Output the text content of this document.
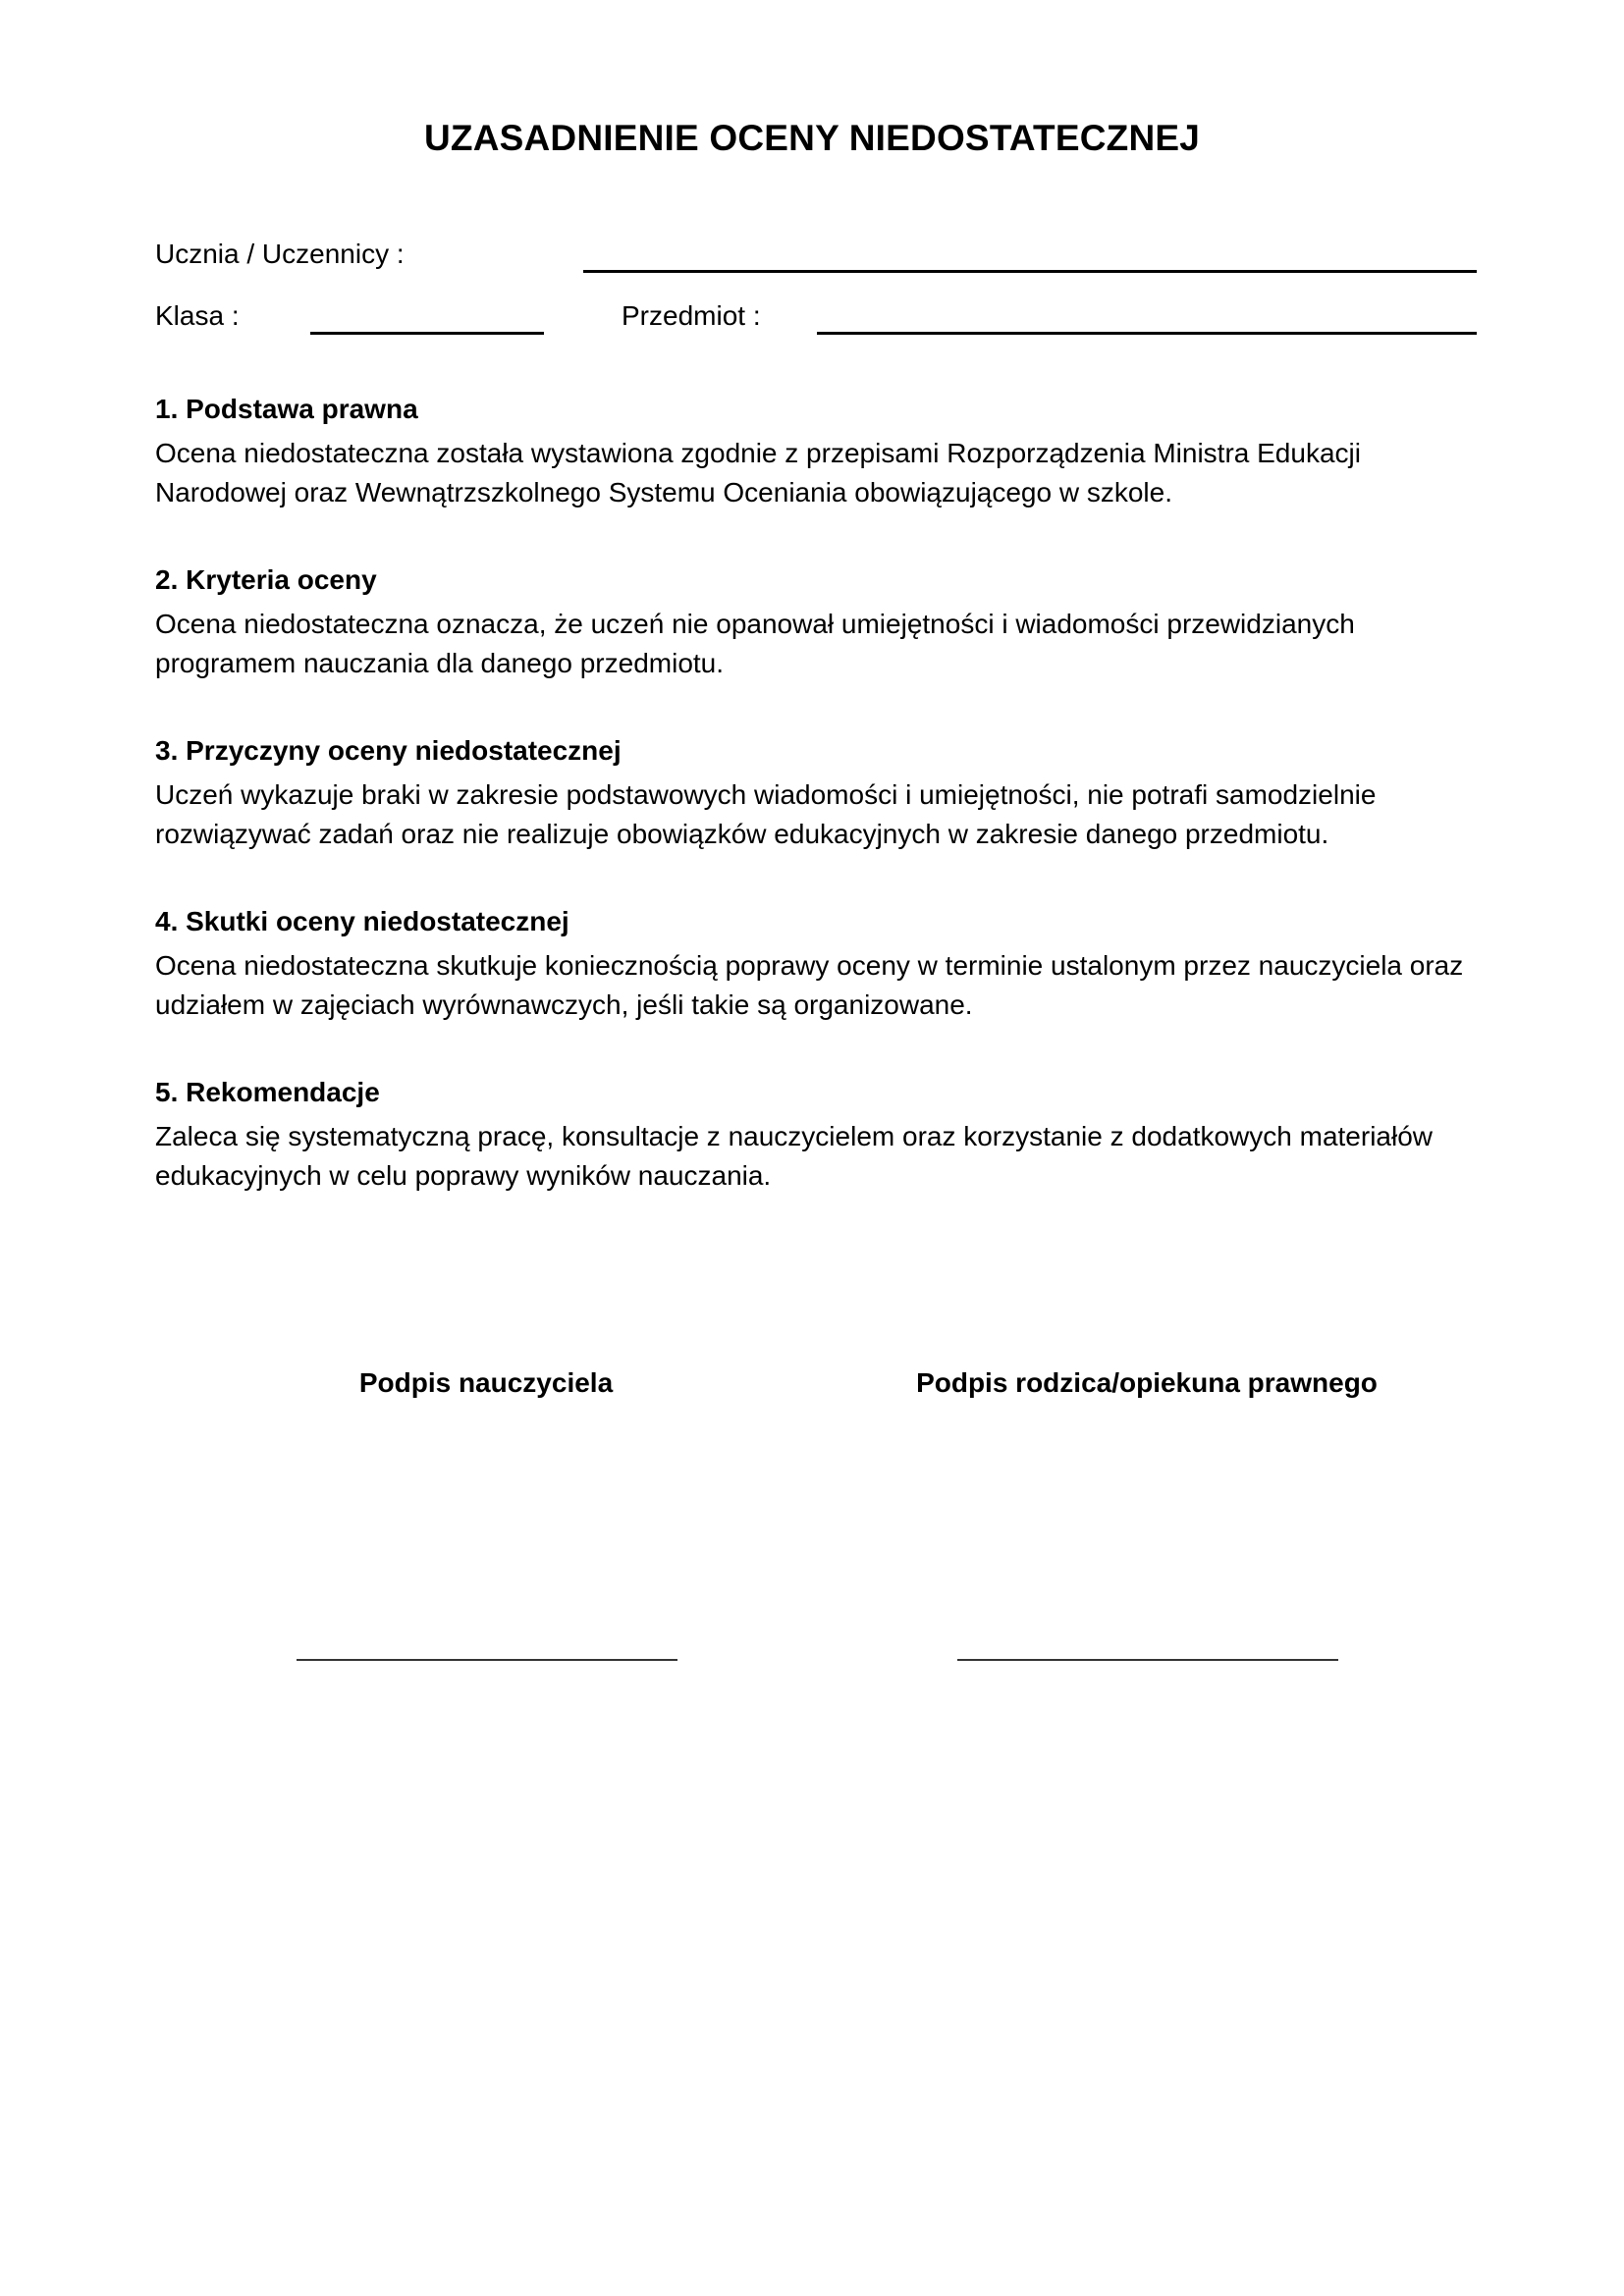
UZASADNIENIE OCENY NIEDOSTATECZNEJ
Ucznia / Uczennicy :
Klasa :	Przedmiot :
1. Podstawa prawna

Ocena niedostateczna została wystawiona zgodnie z przepisami Rozporządzenia Ministra Edukacji
Narodowej oraz Wewnątrzszkolnego Systemu Oceniania obowiązującego w szkole.

2. Kryteria oceny

Ocena niedostateczna oznacza, że uczeń nie opanował umiejętności i wiadomości przewidzianych
programem nauczania dla danego przedmiotu.

3. Przyczyny oceny niedostatecznej

Uczeń wykazuje braki w zakresie podstawowych wiadomości i umiejętności, nie potrafi samodzielnie
rozwiązywać zadań oraz nie realizuje obowiązków edukacyjnych w zakresie danego przedmiotu.

4. Skutki oceny niedostatecznej

Ocena niedostateczna skutkuje koniecznością poprawy oceny w terminie ustalonym przez nauczyciela oraz
udziałem w zajęciach wyrównawczych, jeśli takie są organizowane.

5. Rekomendacje

Zaleca się systematyczną pracę, konsultacje z nauczycielem oraz korzystanie z dodatkowych materiałów
edukacyjnych w celu poprawy wyników nauczania.

Podpis nauczyciela	Podpis rodzica/opiekuna prawnego
